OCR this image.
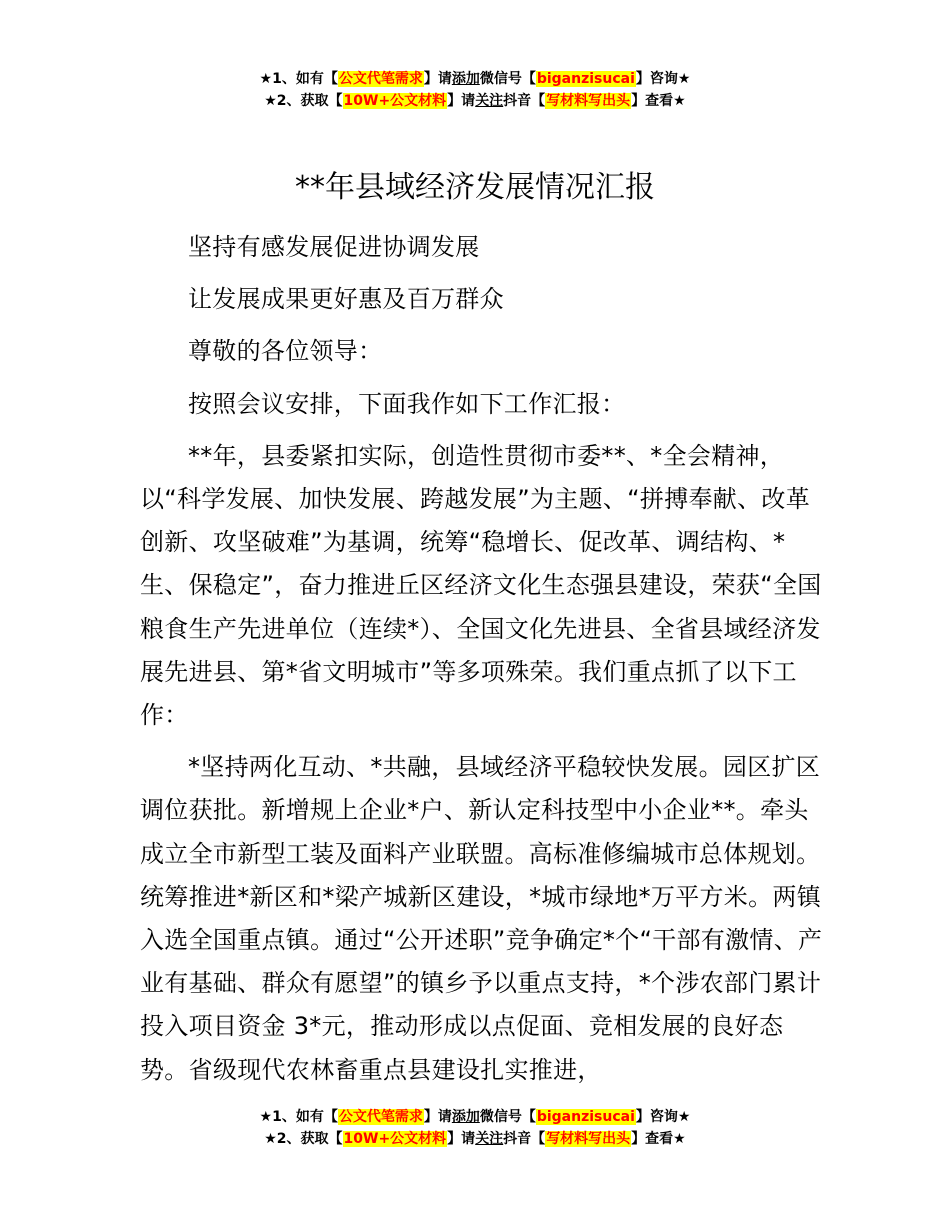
★1、如有【公文代笔需求】请添加微信号【biganzisucai】咨询★
★2、获取【10W+公文材料】请关注抖音【写材料写出头】查看★
**年县域经济发展情况汇报

坚持有感发展促进协调发展

让发展成果更好惠及百万群众

尊敬的各位领导：

按照会议安排，下面我作如下工作汇报：

**年，县委紧扣实际，创造性贯彻市委**、*全会精神，以“科学发展、加快发展、跨越发展”为主题、“拼搏奉献、改革创新、攻坚破难”为基调，统筹“稳增长、促改革、调结构、*生、保稳定”，奋力推进丘区经济文化生态强县建设，荣获“全国粮食生产先进单位（连续*）、全国文化先进县、全省县域经济发展先进县、第*省文明城市”等多项殊荣。我们重点抓了以下工作：

*坚持两化互动、*共融，县域经济平稳较快发展。园区扩区调位获批。新增规上企业*户、新认定科技型中小企业**。牵头成立全市新型工装及面料产业联盟。高标准修编城市总体规划。统筹推进*新区和*梁产城新区建设，*城市绿地*万平方米。两镇入选全国重点镇。通过“公开述职”竞争确定*个“干部有激情、产业有基础、群众有愿望”的镇乡予以重点支持，*个涉农部门累计投入项目资金 3*元，推动形成以点促面、竞相发展的良好态势。省级现代农林畜重点县建设扎实推进，

★1、如有【公文代笔需求】请添加微信号【biganzisucai】咨询★
★2、获取【10W+公文材料】请关注抖音【写材料写出头】查看★
